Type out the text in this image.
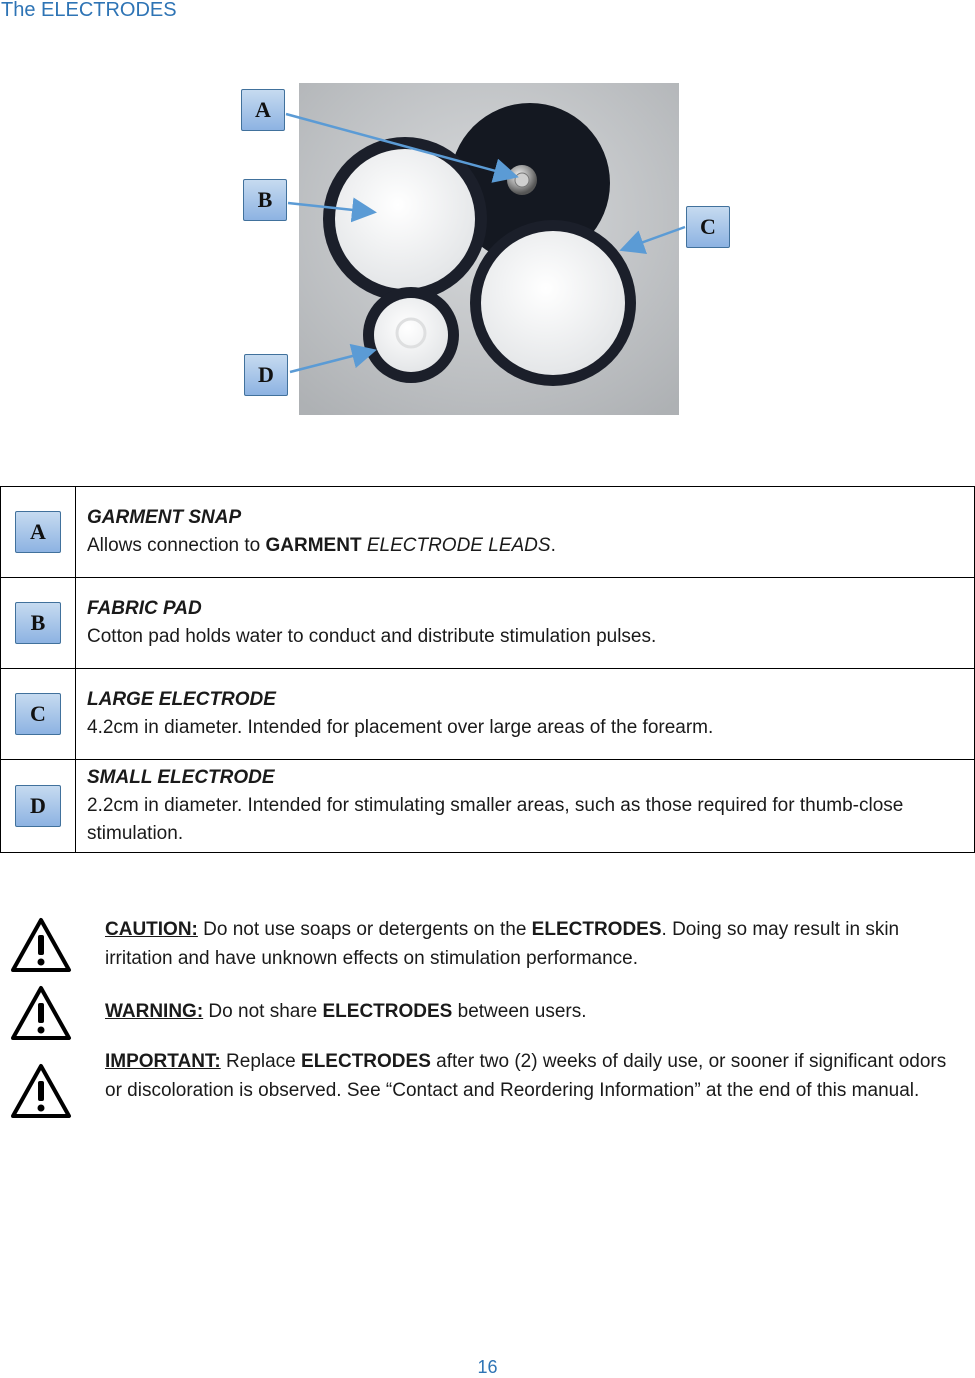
The ELECTRODES
A
B
C
D
A	GARMENT SNAP
Allows connection to GARMENT ELECTRODE LEADS.

B	FABRIC PAD
Cotton pad holds water to conduct and distribute stimulation pulses.

C	LARGE ELECTRODE
4.2cm in diameter. Intended for placement over large areas of the forearm.

D	SMALL ELECTRODE
2.2cm in diameter. Intended for stimulating smaller areas, such as those required for thumb-close stimulation.
CAUTION: Do not use soaps or detergents on the ELECTRODES. Doing so may result in skin irritation and have unknown effects on stimulation performance.
WARNING: Do not share ELECTRODES between users.
IMPORTANT: Replace ELECTRODES after two (2) weeks of daily use, or sooner if significant odors or discoloration is observed. See “Contact and Reordering Information” at the end of this manual.
16
